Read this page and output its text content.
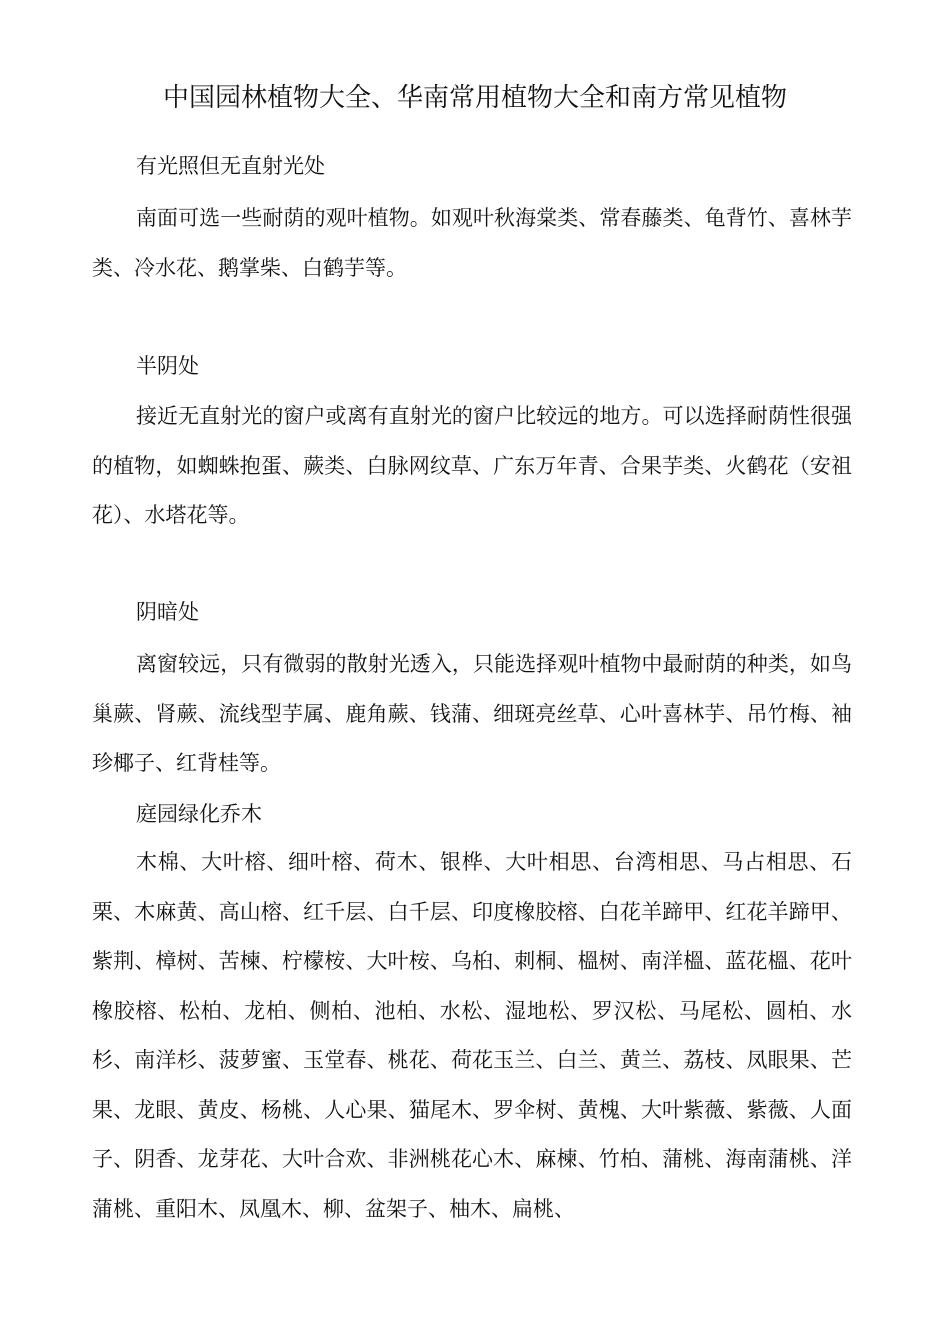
中国园林植物大全、华南常用植物大全和南方常见植物

有光照但无直射光处

南面可选一些耐荫的观叶植物。如观叶秋海棠类、常春藤类、龟背竹、喜林芋类、冷水花、鹅掌柴、白鹤芋等。

半阴处

接近无直射光的窗户或离有直射光的窗户比较远的地方。可以选择耐荫性很强的植物，如蜘蛛抱蛋、蕨类、白脉网纹草、广东万年青、合果芋类、火鹤花（安祖花）、水塔花等。

阴暗处

离窗较远，只有微弱的散射光透入，只能选择观叶植物中最耐荫的种类，如鸟巢蕨、肾蕨、流线型芋属、鹿角蕨、钱蒲、细斑亮丝草、心叶喜林芋、吊竹梅、袖珍椰子、红背桂等。

庭园绿化乔木

木棉、大叶榕、细叶榕、荷木、银桦、大叶相思、台湾相思、马占相思、石栗、木麻黄、高山榕、红千层、白千层、印度橡胶榕、白花羊蹄甲、红花羊蹄甲、紫荆、樟树、苦楝、柠檬桉、大叶桉、乌桕、刺桐、榲树、南洋榲、蓝花榲、花叶橡胶榕、松柏、龙柏、侧柏、池柏、水松、湿地松、罗汉松、马尾松、圆柏、水杉、南洋杉、菠萝蜜、玉堂春、桃花、荷花玉兰、白兰、黄兰、荔枝、凤眼果、芒果、龙眼、黄皮、杨桃、人心果、猫尾木、罗伞树、黄槐、大叶紫薇、紫薇、人面子、阴香、龙芽花、大叶合欢、非洲桃花心木、麻楝、竹柏、蒲桃、海南蒲桃、洋蒲桃、重阳木、凤凰木、柳、盆架子、柚木、扁桃、
